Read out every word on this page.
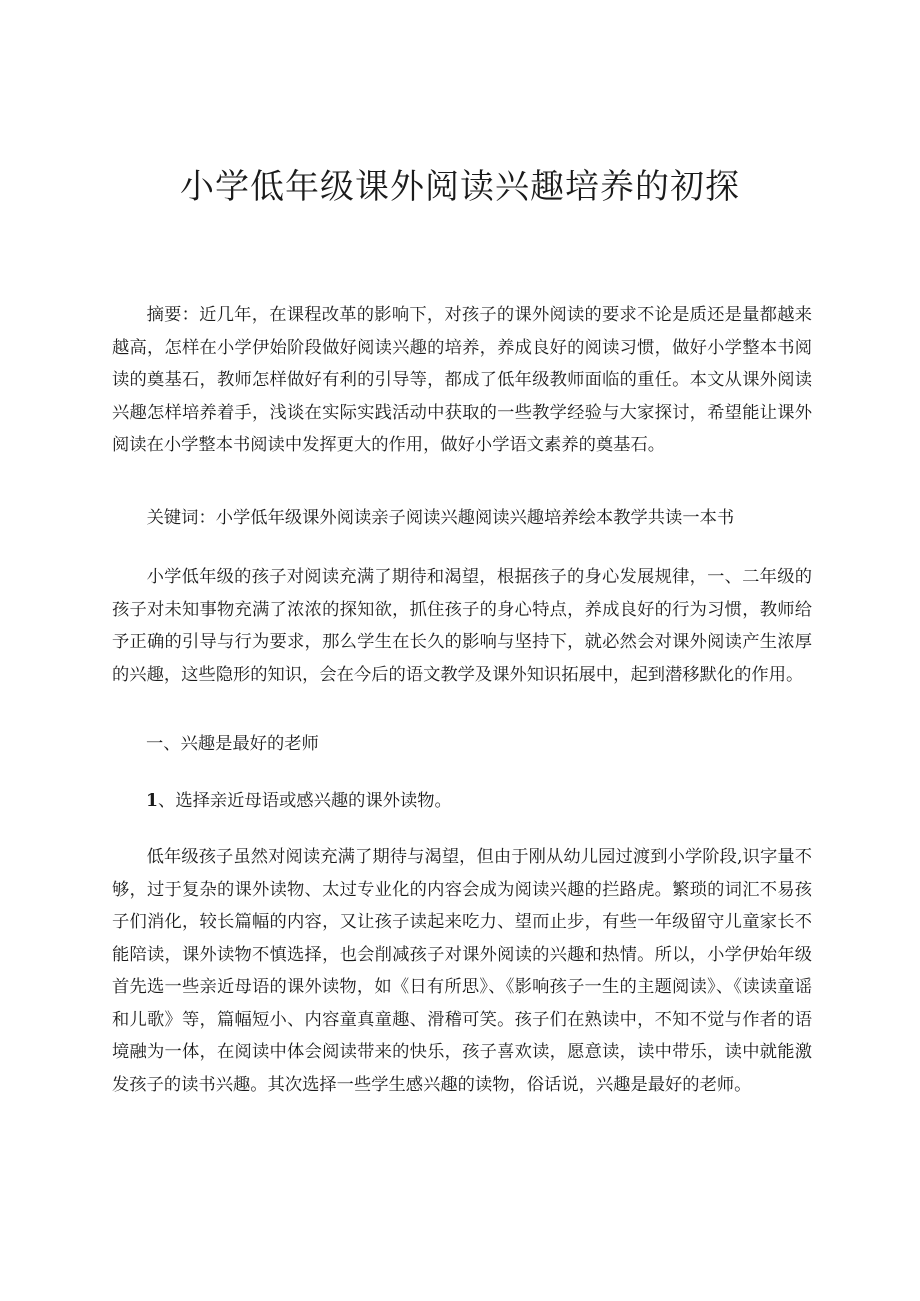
小学低年级课外阅读兴趣培养的初探

摘要：近几年，在课程改革的影响下，对孩子的课外阅读的要求不论是质还是量都越来越高，怎样在小学伊始阶段做好阅读兴趣的培养，养成良好的阅读习惯，做好小学整本书阅读的奠基石，教师怎样做好有利的引导等，都成了低年级教师面临的重任。本文从课外阅读兴趣怎样培养着手，浅谈在实际实践活动中获取的一些教学经验与大家探讨，希望能让课外阅读在小学整本书阅读中发挥更大的作用，做好小学语文素养的奠基石。

关键词：小学低年级课外阅读亲子阅读兴趣阅读兴趣培养绘本教学共读一本书

小学低年级的孩子对阅读充满了期待和渴望，根据孩子的身心发展规律，一、二年级的孩子对未知事物充满了浓浓的探知欲，抓住孩子的身心特点，养成良好的行为习惯，教师给予正确的引导与行为要求，那么学生在长久的影响与坚持下，就必然会对课外阅读产生浓厚的兴趣，这些隐形的知识，会在今后的语文教学及课外知识拓展中，起到潜移默化的作用。

一、兴趣是最好的老师

1、选择亲近母语或感兴趣的课外读物。

低年级孩子虽然对阅读充满了期待与渴望，但由于刚从幼儿园过渡到小学阶段,识字量不够，过于复杂的课外读物、太过专业化的内容会成为阅读兴趣的拦路虎。繁琐的词汇不易孩子们消化，较长篇幅的内容，又让孩子读起来吃力、望而止步，有些一年级留守儿童家长不能陪读，课外读物不慎选择，也会削减孩子对课外阅读的兴趣和热情。所以，小学伊始年级首先选一些亲近母语的课外读物，如《日有所思》、《影响孩子一生的主题阅读》、《读读童谣和儿歌》等，篇幅短小、内容童真童趣、滑稽可笑。孩子们在熟读中，不知不觉与作者的语境融为一体，在阅读中体会阅读带来的快乐，孩子喜欢读，愿意读，读中带乐，读中就能激发孩子的读书兴趣。其次选择一些学生感兴趣的读物，俗话说，兴趣是最好的老师。
